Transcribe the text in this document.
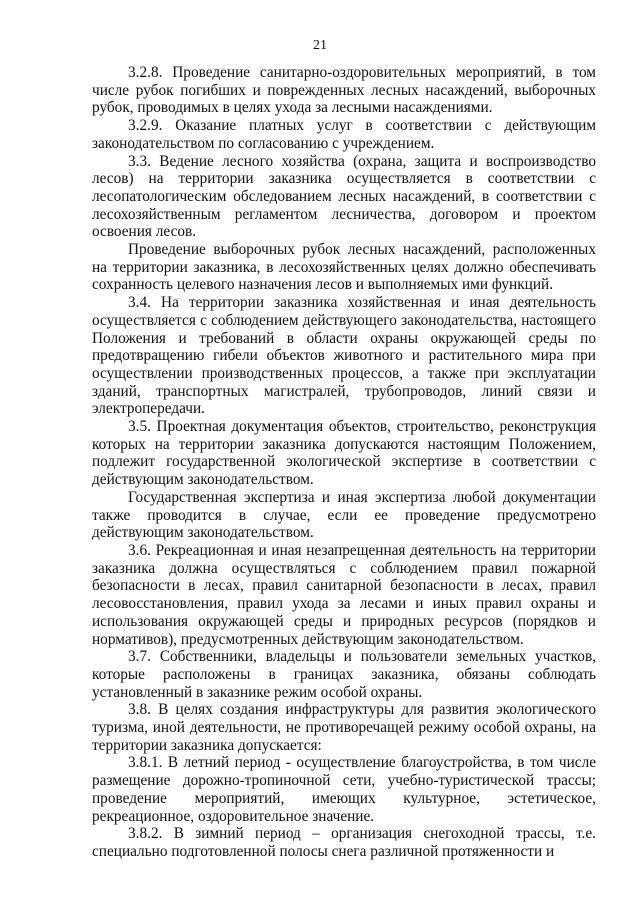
21

3.2.8. Проведение санитарно-оздоровительных мероприятий, в том числе рубок погибших и поврежденных лесных насаждений, выборочных рубок, проводимых в целях ухода за лесными насаждениями.

3.2.9. Оказание платных услуг в соответствии с действующим законодательством по согласованию с учреждением.

3.3. Ведение лесного хозяйства (охрана, защита и воспроизводство лесов) на территории заказника осуществляется в соответствии с лесопатологическим обследованием лесных насаждений, в соответствии с лесохозяйственным регламентом лесничества, договором и проектом освоения лесов.

Проведение выборочных рубок лесных насаждений, расположенных на территории заказника, в лесохозяйственных целях должно обеспечивать сохранность целевого назначения лесов и выполняемых ими функций.

3.4. На территории заказника хозяйственная и иная деятельность осуществляется с соблюдением действующего законодательства, настоящего Положения и требований в области охраны окружающей среды по предотвращению гибели объектов животного и растительного мира при осуществлении производственных процессов, а также при эксплуатации зданий, транспортных магистралей, трубопроводов, линий связи и электропередачи.

3.5. Проектная документация объектов, строительство, реконструкция которых на территории заказника допускаются настоящим Положением, подлежит государственной экологической экспертизе в соответствии с действующим законодательством.

Государственная экспертиза и иная экспертиза любой документации также проводится в случае, если ее проведение предусмотрено действующим законодательством.

3.6. Рекреационная и иная незапрещенная деятельность на территории заказника должна осуществляться с соблюдением правил пожарной безопасности в лесах, правил санитарной безопасности в лесах, правил лесовосстановления, правил ухода за лесами и иных правил охраны и использования окружающей среды и природных ресурсов (порядков и нормативов), предусмотренных действующим законодательством.

3.7. Собственники, владельцы и пользователи земельных участков, которые расположены в границах заказника, обязаны соблюдать установленный в заказнике режим особой охраны.

3.8. В целях создания инфраструктуры для развития экологического туризма, иной деятельности, не противоречащей режиму особой охраны, на территории заказника допускается:

3.8.1. В летний период - осуществление благоустройства, в том числе размещение дорожно-тропиночной сети, учебно-туристической трассы; проведение мероприятий, имеющих культурное, эстетическое, рекреационное, оздоровительное значение.

3.8.2. В зимний период – организация снегоходной трассы, т.е. специально подготовленной полосы снега различной протяженности и
